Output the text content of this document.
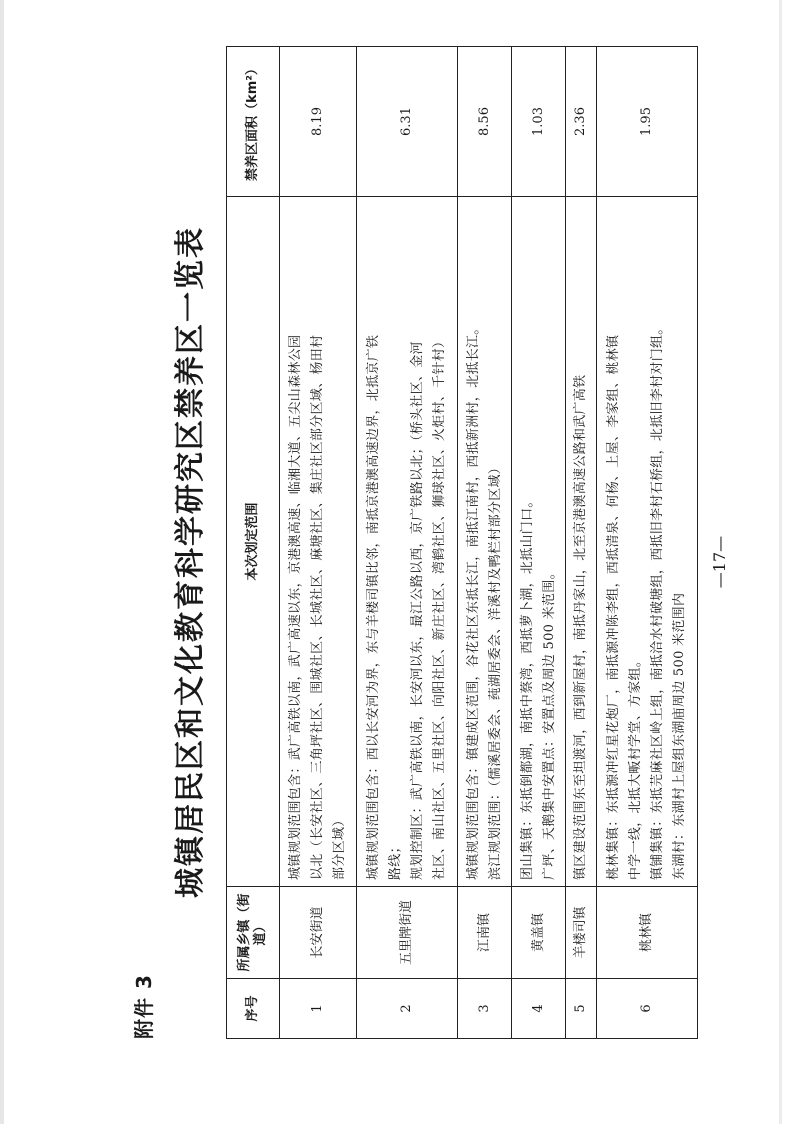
附件 3
城镇居民区和文化教育科学研究区禁养区一览表
序号	所属乡镇（街道）	本次划定范围	禁养区面积（km²）
1	长安街道	城镇规划范围包含：武广高铁以南，武广高速以东，京港澳高速、临湘大道、五尖山森林公园 以北（长安社区、三角坪社区、围城社区、长城社区、麻塘社区、集庄社区部分区域、杨田村 部分区域）	8.19
2	五里牌街道	城镇规划范围包含：西以长安河为界，东与羊楼司镇比邻，南抵京港澳高速边界，北抵京广铁 路线； 规划控制区：武广高铁以南，长安河以东，最江公路以西，京广铁路以北；（桥头社区、金河 社区、南山社区、五里社区、向阳社区、新庄社区、湾鹤社区、狮球社区、火炬村、千针村）	6.31
3	江南镇	城镇规划范围包含：镇建成区范围，谷花社区东抵长江，南抵江南村，西抵新洲村，北抵长江。 滨江规划范围：（儒溪居委会、莼湖居委会、洋溪村及鸭栏村部分区域）	8.56
4	黄盖镇	团山集镇：东抵倒都湖，南抵中蔡湾，西抵萝卜湖，北抵山门口。 广坪、天鹅集中安置点：安置点及周边 500 米范围。	1.03
5	羊楼司镇	镇区建设范围东至坦渡河，西到新屋村，南抵丹家山，北至京港澳高速公路和武广高铁	2.36
6	桃林镇	桃林集镇：东抵源冲红星花炮厂，南抵源冲陈李组，西抵清泉、何杨、上屋、李家组、桃林镇 中学一线，北抵大畈村学堂、方家组。 镇铺集镇：东抵芫麻社区岭上组，南抵洽水村破塘组，西抵旧李村石桥组，北抵旧李村对门组。 东湖村：东湖村上屋组东湖庙周边 500 米范围内	1.95
—17—
